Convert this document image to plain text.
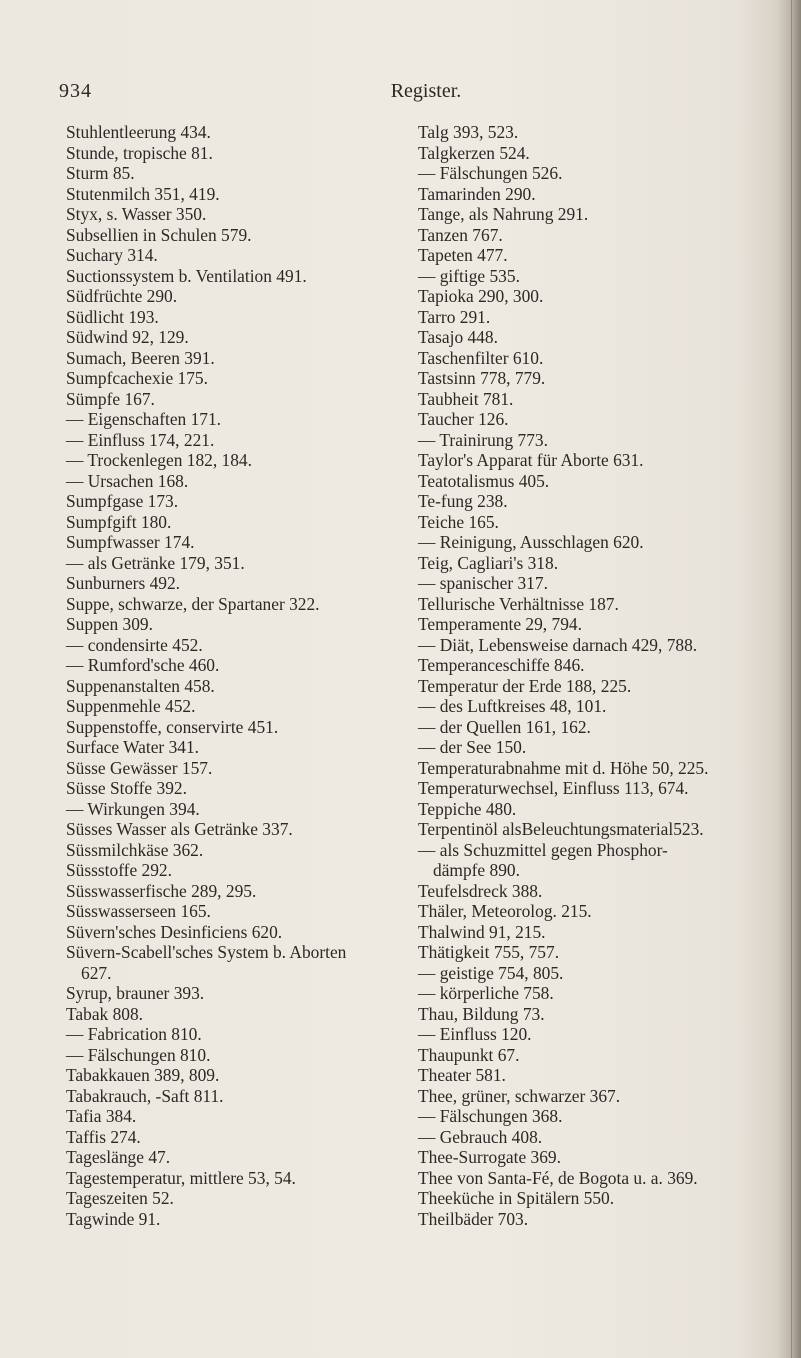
934	Register.
Stuhlentleerung 434.
Stunde, tropische 81.
Sturm 85.
Stutenmilch 351, 419.
Styx, s. Wasser 350.
Subsellien in Schulen 579.
Suchary 314.
Suctionssystem b. Ventilation 491.
Südfrüchte 290.
Südlicht 193.
Südwind 92, 129.
Sumach, Beeren 391.
Sumpfcachexie 175.
Sümpfe 167.
— Eigenschaften 171.
— Einfluss 174, 221.
— Trockenlegen 182, 184.
— Ursachen 168.
Sumpfgase 173.
Sumpfgift 180.
Sumpfwasser 174.
— als Getränke 179, 351.
Sunburners 492.
Suppe, schwarze, der Spartaner 322.
Suppen 309.
— condensirte 452.
— Rumford'sche 460.
Suppenanstalten 458.
Suppenmehle 452.
Suppenstoffe, conservirte 451.
Surface Water 341.
Süsse Gewässer 157.
Süsse Stoffe 392.
— Wirkungen 394.
Süsses Wasser als Getränke 337.
Süssmilchkäse 362.
Süssstoffe 292.
Süsswasserfische 289, 295.
Süsswasserseen 165.
Süvern'sches Desinficiens 620.
Süvern-Scabell'sches System b. Aborten
627.
Syrup, brauner 393.
Tabak 808.
— Fabrication 810.
— Fälschungen 810.
Tabakkauen 389, 809.
Tabakrauch, -Saft 811.
Tafia 384.
Taffis 274.
Tageslänge 47.
Tagestemperatur, mittlere 53, 54.
Tageszeiten 52.
Tagwinde 91.
Talg 393, 523.
Talgkerzen 524.
— Fälschungen 526.
Tamarinden 290.
Tange, als Nahrung 291.
Tanzen 767.
Tapeten 477.
— giftige 535.
Tapioka 290, 300.
Tarro 291.
Tasajo 448.
Taschenfilter 610.
Tastsinn 778, 779.
Taubheit 781.
Taucher 126.
— Trainirung 773.
Taylor's Apparat für Aborte 631.
Teatotalismus 405.
Te-fung 238.
Teiche 165.
— Reinigung, Ausschlagen 620.
Teig, Cagliari's 318.
— spanischer 317.
Tellurische Verhältnisse 187.
Temperamente 29, 794.
— Diät, Lebensweise darnach 429, 788.
Temperanceschiffe 846.
Temperatur der Erde 188, 225.
— des Luftkreises 48, 101.
— der Quellen 161, 162.
— der See 150.
Temperaturabnahme mit d. Höhe 50, 225.
Temperaturwechsel, Einfluss 113, 674.
Teppiche 480.
Terpentinöl alsBeleuchtungsmaterial523.
— als Schuzmittel gegen Phosphor-
dämpfe 890.
Teufelsdreck 388.
Thäler, Meteorolog. 215.
Thalwind 91, 215.
Thätigkeit 755, 757.
— geistige 754, 805.
— körperliche 758.
Thau, Bildung 73.
— Einfluss 120.
Thaupunkt 67.
Theater 581.
Thee, grüner, schwarzer 367.
— Fälschungen 368.
— Gebrauch 408.
Thee-Surrogate 369.
Thee von Santa-Fé, de Bogota u. a. 369.
Theeküche in Spitälern 550.
Theilbäder 703.
